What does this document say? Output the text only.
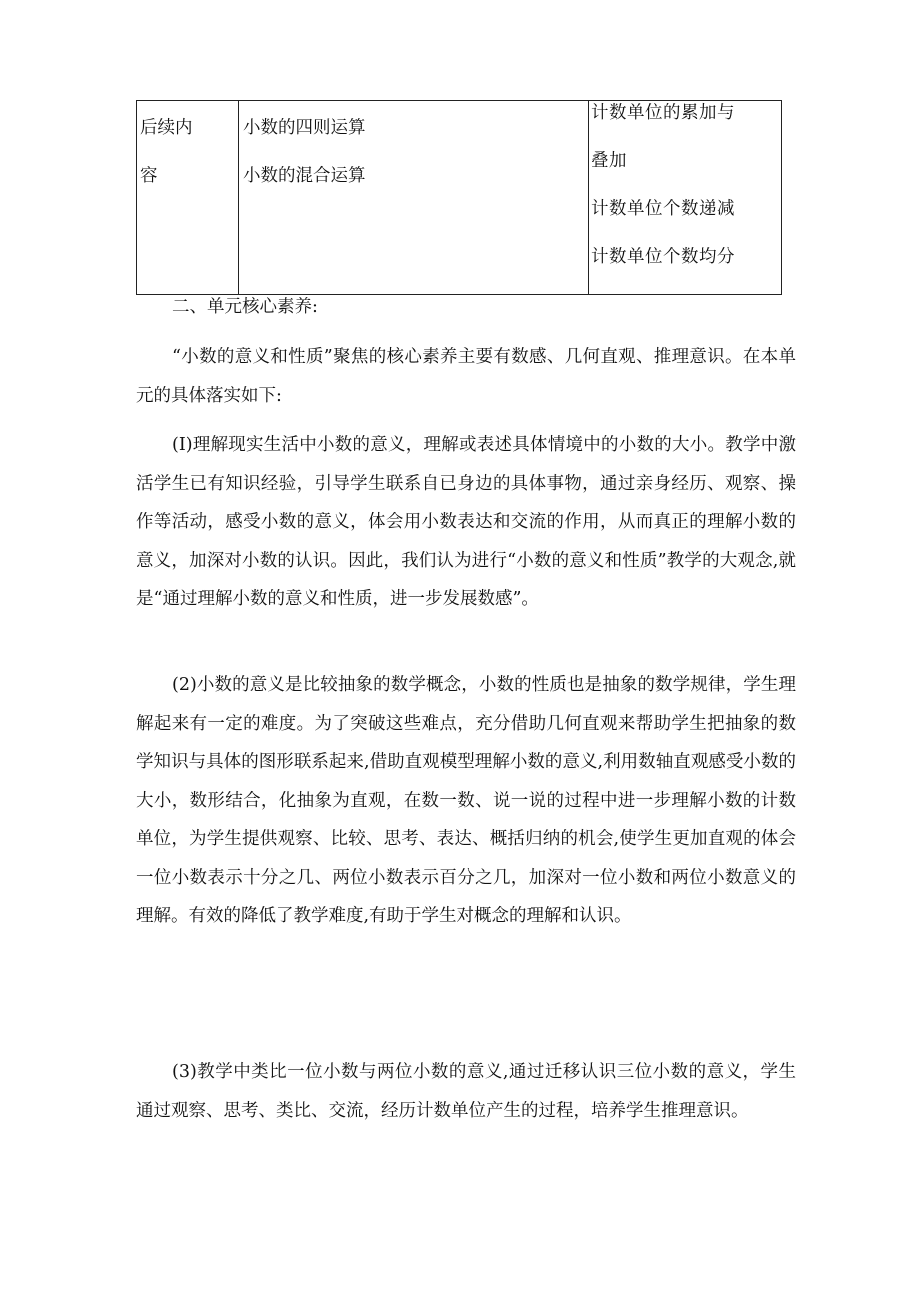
后续内
容

小数的四则运算
小数的混合运算

计数单位的累加与
叠加
计数单位个数递减
计数单位个数均分

二、单元核心素养:

“小数的意义和性质”聚焦的核心素养主要有数感、几何直观、推理意识。在本单元的具体落实如下:

(I)理解现实生活中小数的意义，理解或表述具体情境中的小数的大小。教学中激活学生已有知识经验，引导学生联系自已身边的具体事物，通过亲身经历、观察、操作等活动，感受小数的意义，体会用小数表达和交流的作用，从而真正的理解小数的意义，加深对小数的认识。因此，我们认为进行“小数的意义和性质”教学的大观念,就是“通过理解小数的意义和性质，进一步发展数感”。

(2)小数的意义是比较抽象的数学概念，小数的性质也是抽象的数学规律，学生理解起来有一定的难度。为了突破这些难点，充分借助几何直观来帮助学生把抽象的数学知识与具体的图形联系起来,借助直观模型理解小数的意义,利用数轴直观感受小数的大小，数形结合，化抽象为直观，在数一数、说一说的过程中进一步理解小数的计数单位，为学生提供观察、比较、思考、表达、概括归纳的机会,使学生更加直观的体会一位小数表示十分之几、两位小数表示百分之几，加深对一位小数和两位小数意义的理解。有效的降低了教学难度,有助于学生对概念的理解和认识。

(3)教学中类比一位小数与两位小数的意义,通过迁移认识三位小数的意义，学生通过观察、思考、类比、交流，经历计数单位产生的过程，培养学生推理意识。
